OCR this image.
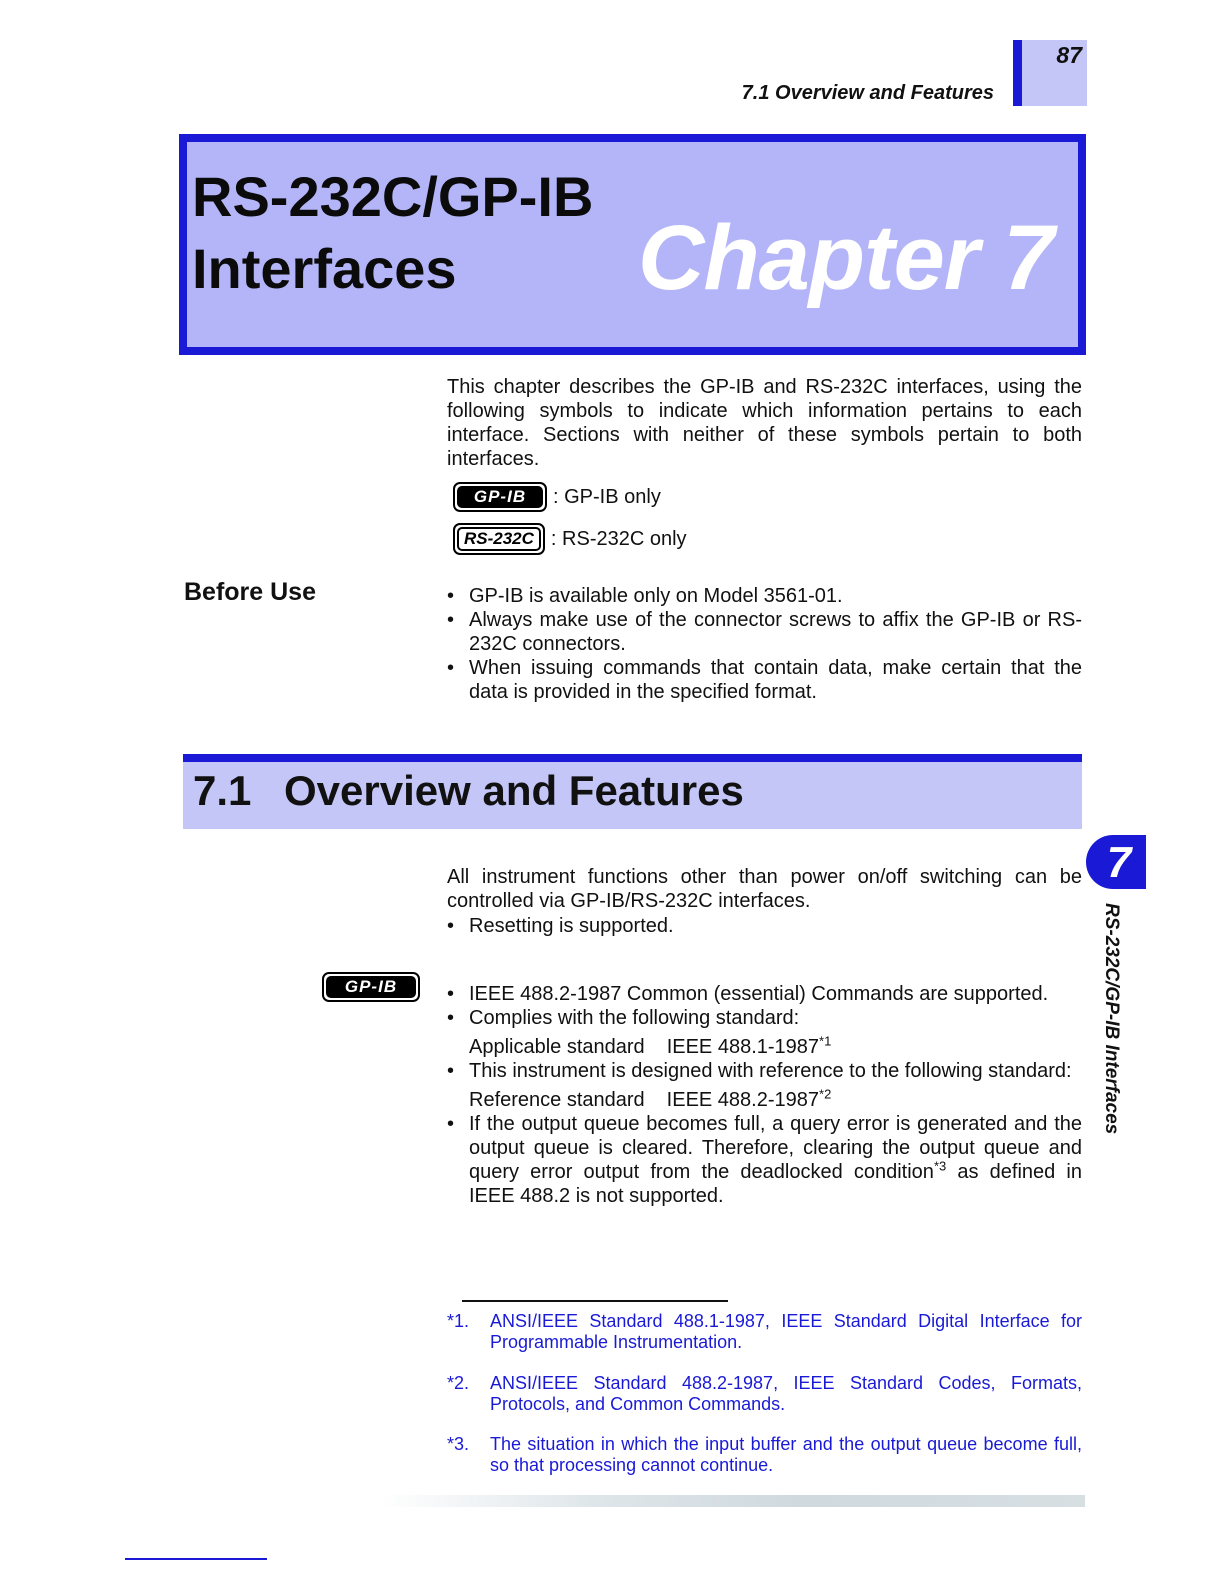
7.1 Overview and Features
87
RS-232C/GP-IB
Interfaces Chapter 7
This chapter describes the GP-IB and RS-232C interfaces, using the following symbols to indicate which information pertains to each interface. Sections with neither of these symbols pertain to both interfaces.
GP-IB	: GP-IB only
RS-232C : RS-232C only
Before Use	• GP-IB is available only on Model 3561-01.
• Always make use of the connector screws to affix the GP-IB or RS-232C connectors.
• When issuing commands that contain data, make certain that the data is provided in the specified format.
7.1 Overview and Features
All instrument functions other than power on/off switching can be controlled via GP-IB/RS-232C interfaces.
• Resetting is supported.
GP-IB	• IEEE 488.2-1987 Common (essential) Commands are supported.
• Complies with the following standard:
Applicable standard IEEE 488.1-1987$^{*1}$
• This instrument is designed with reference to the following standard:
Reference standard IEEE 488.2-1987$^{*2}$
• If the output queue becomes full, a query error is generated and the output queue is cleared. Therefore, clearing the output queue and query error output from the deadlocked condition$^{*3}$ as defined in IEEE 488.2 is not supported.
*1.	ANSI/IEEE Standard 488.1-1987, IEEE Standard Digital Interface for Programmable Instrumentation.
*2.	ANSI/IEEE Standard 488.2-1987, IEEE Standard Codes, Formats, Protocols, and Common Commands.
*3.	The situation in which the input buffer and the output queue become full, so that processing cannot continue.
7
RS-232C/GP-IB Interfaces
